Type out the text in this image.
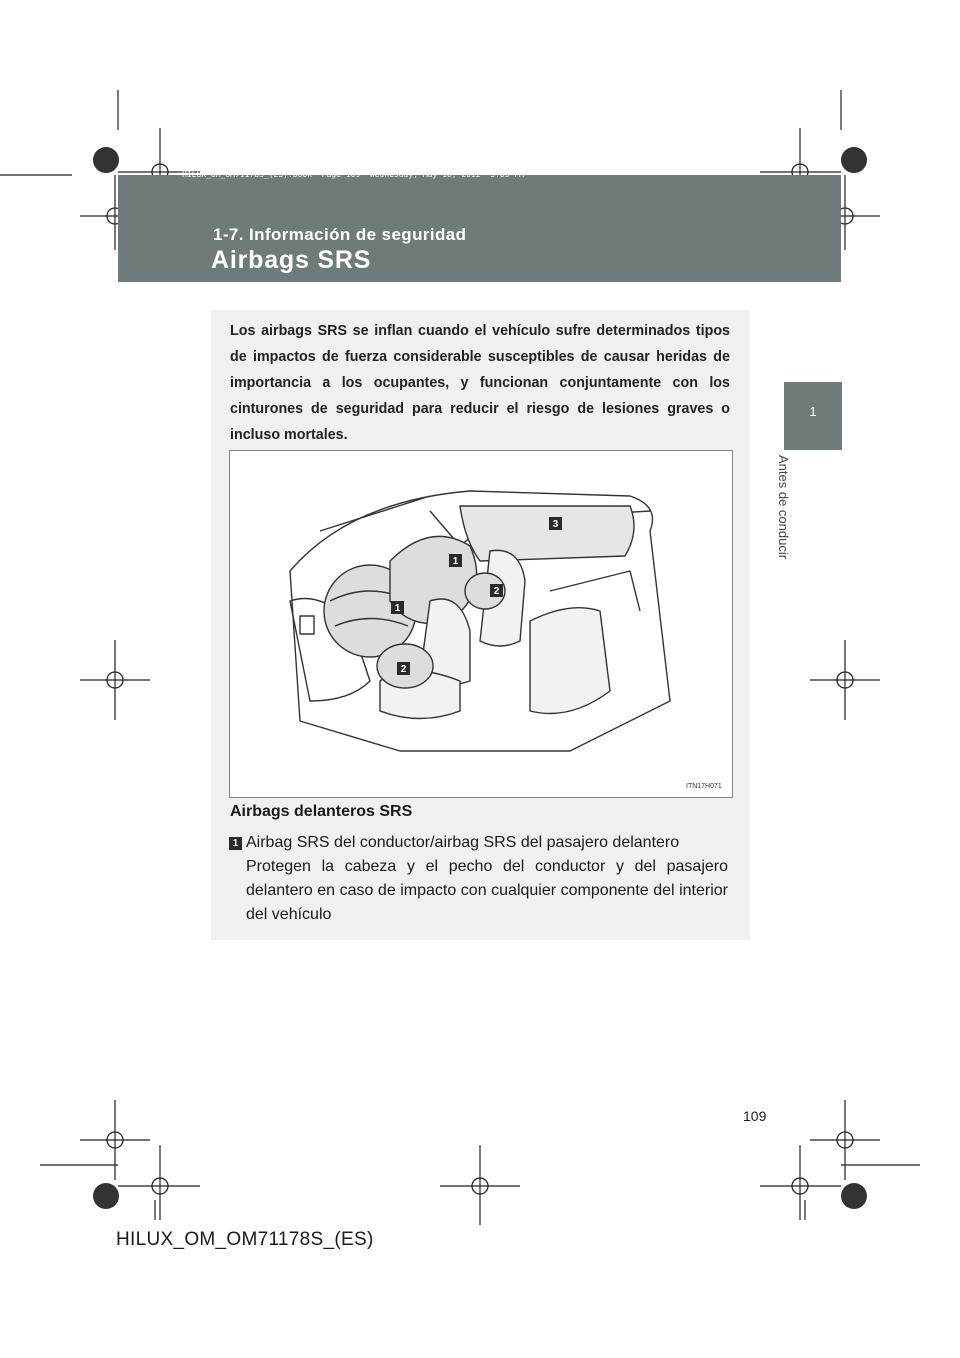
HILUX_OM_OM71178S_(ES).book  Page 109  Wednesday, May 16, 2012  3:09 PM
1-7. Información de seguridad
Airbags SRS
1
Antes de conducir
Los airbags SRS se inflan cuando el vehículo sufre determinados tipos de impactos de fuerza considerable susceptibles de causar heridas de importancia a los ocupantes, y funcionan conjuntamente con los cinturones de seguridad para reducir el riesgo de lesiones graves o incluso mortales.
1
1
2
2
3
ITN17H071
Airbags delanteros SRS
1 Airbag SRS del conductor/airbag SRS del pasajero delantero
Protegen la cabeza y el pecho del conductor y del pasajero delantero en caso de impacto con cualquier componente del interior del vehículo
109
HILUX_OM_OM71178S_(ES)
